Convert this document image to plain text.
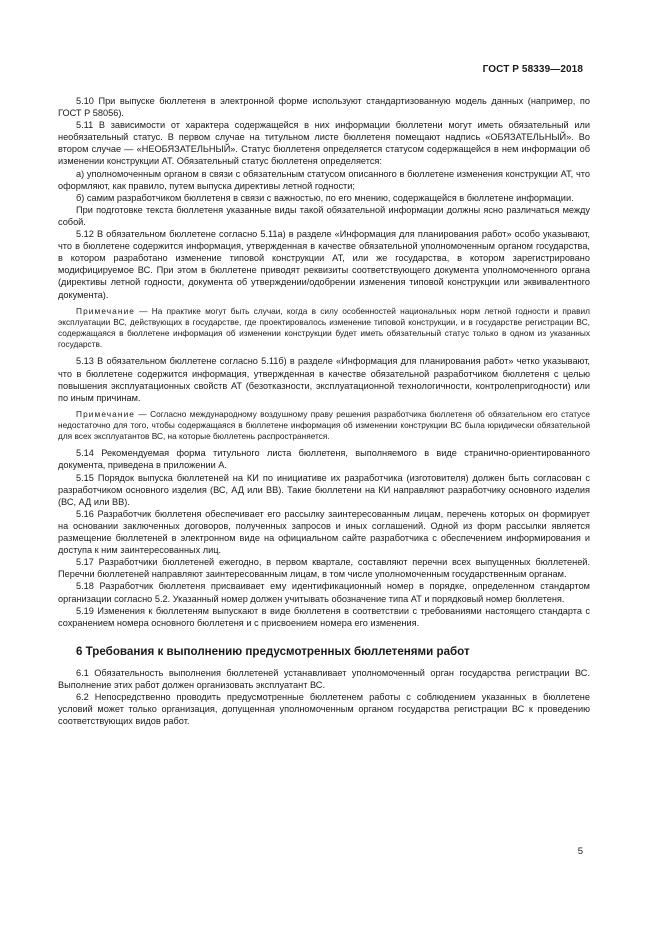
ГОСТ Р 58339—2018

5.10 При выпуске бюллетеня в электронной форме используют стандартизованную модель данных (например, по ГОСТ Р 58056).

5.11 В зависимости от характера содержащейся в них информации бюллетени могут иметь обязательный или необязательный статус. В первом случае на титульном листе бюллетеня помещают надпись «ОБЯЗАТЕЛЬНЫЙ». Во втором случае — «НЕОБЯЗАТЕЛЬНЫЙ». Статус бюллетеня определяется статусом содержащейся в нем информации об изменении конструкции АТ. Обязательный статус бюллетеня определяется:

а) уполномоченным органом в связи с обязательным статусом описанного в бюллетене изменения конструкции АТ, что оформляют, как правило, путем выпуска директивы летной годности;

б) самим разработчиком бюллетеня в связи с важностью, по его мнению, содержащейся в бюллетене информации.

При подготовке текста бюллетеня указанные виды такой обязательной информации должны ясно различаться между собой.

5.12 В обязательном бюллетене согласно 5.11а) в разделе «Информация для планирования работ» особо указывают, что в бюллетене содержится информация, утвержденная в качестве обязательной уполномоченным органом государства, в котором разработано изменение типовой конструкции АТ, или же государства, в котором зарегистрировано модифицируемое ВС. При этом в бюллетене приводят реквизиты соответствующего документа уполномоченного органа (директивы летной годности, документа об утверждении/одобрении изменения типовой конструкции или эквивалентного документа).

Примечание — На практике могут быть случаи, когда в силу особенностей национальных норм летной годности и правил эксплуатации ВС, действующих в государстве, где проектировалось изменение типовой конструкции, и в государстве регистрации ВС, содержащаяся в бюллетене информация об изменении конструкции будет иметь обязательный статус только в одном из указанных государств.

5.13 В обязательном бюллетене согласно 5.11б) в разделе «Информация для планирования работ» четко указывают, что в бюллетене содержится информация, утвержденная в качестве обязательной разработчиком бюллетеня с целью повышения эксплуатационных свойств АТ (безотказности, эксплуатационной технологичности, контролепригодности) или по иным причинам.

Примечание — Согласно международному воздушному праву решения разработчика бюллетеня об обязательном его статусе недостаточно для того, чтобы содержащаяся в бюллетене информация об изменении конструкции ВС была юридически обязательной для всех эксплуатантов ВС, на которые бюллетень распространяется.

5.14 Рекомендуемая форма титульного листа бюллетеня, выполняемого в виде странично-ориентированного документа, приведена в приложении А.

5.15 Порядок выпуска бюллетеней на КИ по инициативе их разработчика (изготовителя) должен быть согласован с разработчиком основного изделия (ВС, АД или ВВ). Такие бюллетени на КИ направляют разработчику основного изделия (ВС, АД или ВВ).

5.16 Разработчик бюллетеня обеспечивает его рассылку заинтересованным лицам, перечень которых он формирует на основании заключенных договоров, полученных запросов и иных соглашений. Одной из форм рассылки является размещение бюллетеней в электронном виде на официальном сайте разработчика с обеспечением информирования и доступа к ним заинтересованных лиц.

5.17 Разработчики бюллетеней ежегодно, в первом квартале, составляют перечни всех выпущенных бюллетеней. Перечни бюллетеней направляют заинтересованным лицам, в том числе уполномоченным государственным органам.

5.18 Разработчик бюллетеня присваивает ему идентификационный номер в порядке, определенном стандартом организации согласно 5.2. Указанный номер должен учитывать обозначение типа АТ и порядковый номер бюллетеня.

5.19 Изменения к бюллетеням выпускают в виде бюллетеня в соответствии с требованиями настоящего стандарта с сохранением номера основного бюллетеня и с присвоением номера его изменения.

6 Требования к выполнению предусмотренных бюллетенями работ

6.1 Обязательность выполнения бюллетеней устанавливает уполномоченный орган государства регистрации ВС. Выполнение этих работ должен организовать эксплуатант ВС.

6.2 Непосредственно проводить предусмотренные бюллетенем работы с соблюдением указанных в бюллетене условий может только организация, допущенная уполномоченным органом государства регистрации ВС к проведению соответствующих видов работ.

5
